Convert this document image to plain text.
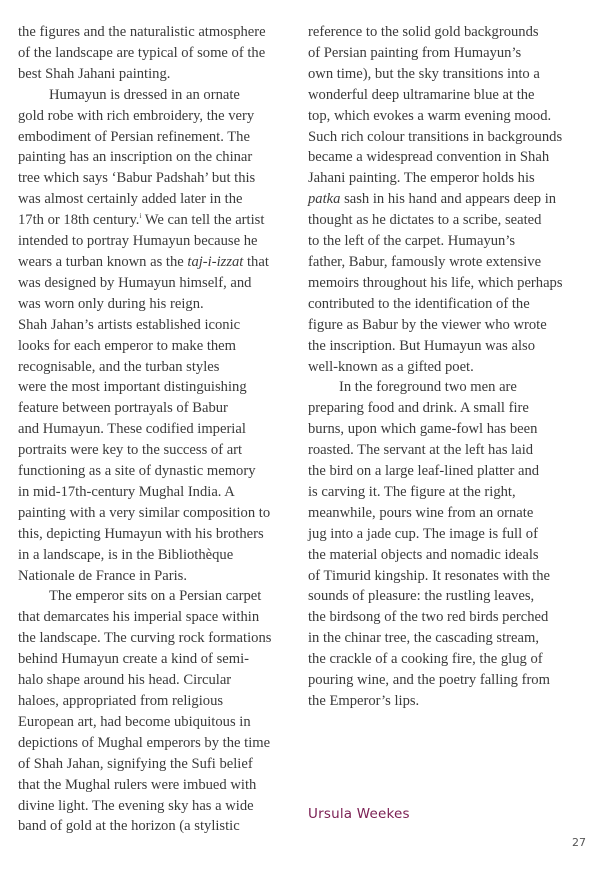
the figures and the naturalistic atmosphere
of the landscape are typical of some of the
best Shah Jahani painting.
Humayun is dressed in an ornate
gold robe with rich embroidery, the very
embodiment of Persian refinement. The
painting has an inscription on the chinar
tree which says ‘Babur Padshah’ but this
was almost certainly added later in the
17th or 18th century.$^i$ We can tell the artist
intended to portray Humayun because he
wears a turban known as the taj-i-izzat that
was designed by Humayun himself, and
was worn only during his reign.
Shah Jahan’s artists established iconic
looks for each emperor to make them
recognisable, and the turban styles
were the most important distinguishing
feature between portrayals of Babur
and Humayun. These codified imperial
portraits were key to the success of art
functioning as a site of dynastic memory
in mid-17th-century Mughal India. A
painting with a very similar composition to
this, depicting Humayun with his brothers
in a landscape, is in the Bibliothèque
Nationale de France in Paris.
The emperor sits on a Persian carpet
that demarcates his imperial space within
the landscape. The curving rock formations
behind Humayun create a kind of semi-
halo shape around his head. Circular
haloes, appropriated from religious
European art, had become ubiquitous in
depictions of Mughal emperors by the time
of Shah Jahan, signifying the Sufi belief
that the Mughal rulers were imbued with
divine light. The evening sky has a wide
band of gold at the horizon (a stylistic
reference to the solid gold backgrounds
of Persian painting from Humayun’s
own time), but the sky transitions into a
wonderful deep ultramarine blue at the
top, which evokes a warm evening mood.
Such rich colour transitions in backgrounds
became a widespread convention in Shah
Jahani painting. The emperor holds his
patka sash in his hand and appears deep in
thought as he dictates to a scribe, seated
to the left of the carpet. Humayun’s
father, Babur, famously wrote extensive
memoirs throughout his life, which perhaps
contributed to the identification of the
figure as Babur by the viewer who wrote
the inscription. But Humayun was also
well-known as a gifted poet.
In the foreground two men are
preparing food and drink. A small fire
burns, upon which game-fowl has been
roasted. The servant at the left has laid
the bird on a large leaf-lined platter and
is carving it. The figure at the right,
meanwhile, pours wine from an ornate
jug into a jade cup. The image is full of
the material objects and nomadic ideals
of Timurid kingship. It resonates with the
sounds of pleasure: the rustling leaves,
the birdsong of the two red birds perched
in the chinar tree, the cascading stream,
the crackle of a cooking fire, the glug of
pouring wine, and the poetry falling from
the Emperor’s lips.
Ursula Weekes
27
